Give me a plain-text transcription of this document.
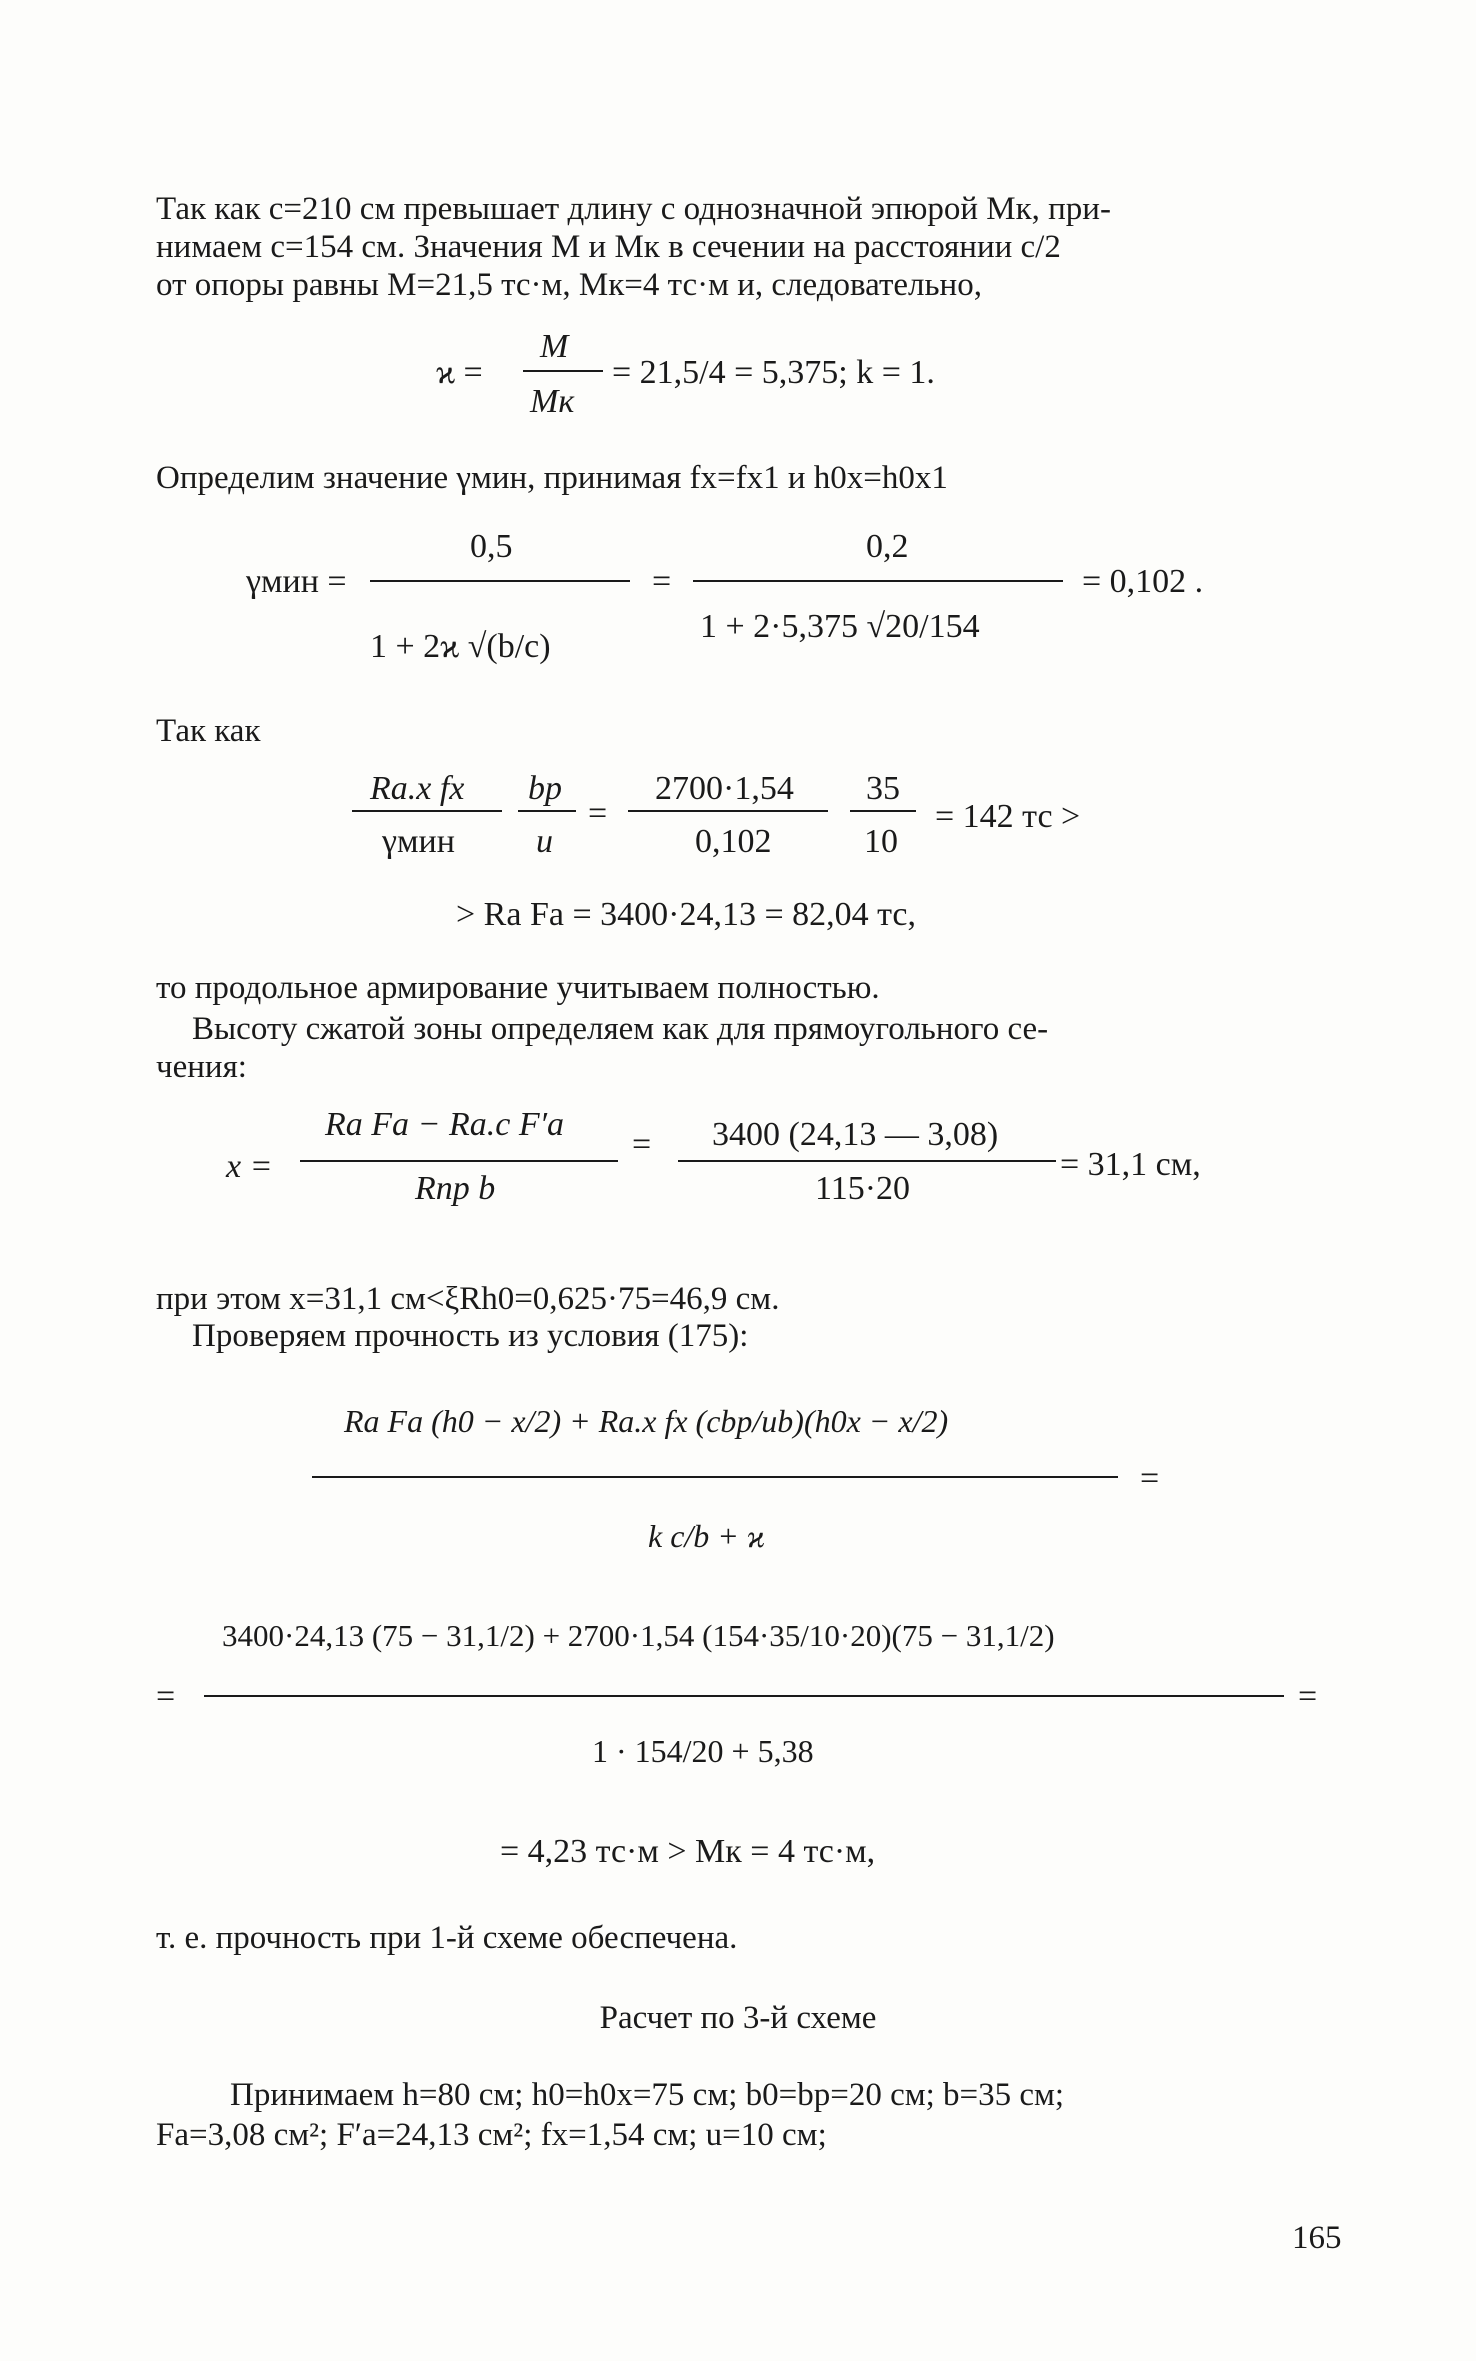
Так как c=210 см превышает длину с однозначной эпюрой Mк, при-
нимаем c=154 см. Значения M и Mк в сечении на расстоянии c/2
от опоры равны M=21,5 тс·м, Mк=4 тс·м и, следовательно,
ϰ =
M
Mк
= 21,5/4 = 5,375; k = 1.
Определим значение γмин, принимая fх=fх1 и h0х=h0х1
γмин =
0,5
1 + 2ϰ √(b/c)
=
0,2
1 + 2·5,375 √20/154
= 0,102 .
Так как
Ra.x fx
γмин
bp
u
=
2700·1,54
0,102
35
10
= 142 тс >
> Ra Fa = 3400·24,13 = 82,04 тс,
то продольное армирование учитываем полностью.
Высоту сжатой зоны определяем как для прямоугольного се-
чения:
x =
Ra Fa − Ra.c F′a
Rпр b
= 3400 (24,13 — 3,08)
115·20
= 31,1 см,
при этом x=31,1 см<ξRh0=0,625·75=46,9 см.
Проверяем прочность из условия (175):
Ra Fa (h0 − x/2) + Ra.x fx (cbp/ub)(h0x − x/2)
k c/b + ϰ
=
=
3400·24,13 (75 − 31,1/2) + 2700·1,54 (154·35/10·20)(75 − 31,1/2)
1 · 154/20 + 5,38
=
= 4,23 тс·м > Mк = 4 тс·м,
т. е. прочность при 1-й схеме обеспечена.
Расчет по 3-й схеме
Принимаем h=80 см; h0=h0x=75 см; b0=bp=20 см; b=35 см;
Fa=3,08 см²; F′a=24,13 см²; fx=1,54 см; u=10 см;
165
